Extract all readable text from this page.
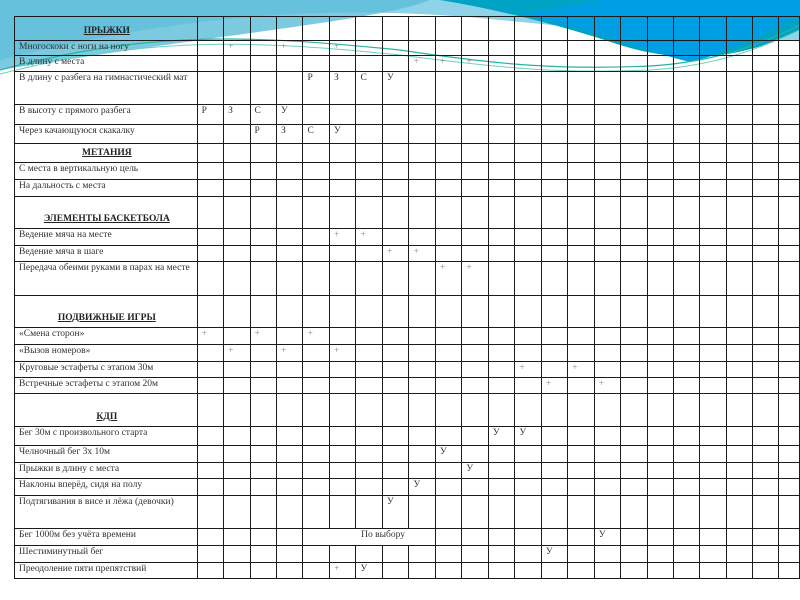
ПРЫЖКИ																							
Многоскоки с ноги на ногу		+		+		+																	
В длину с места									+	+	+												
В длину с разбега на гимнастический мат					Р	З	С	У															
В высоту с прямого разбега	Р	З	С	У																			
Через качающуюся скакалку			Р	З	С	У																	
МЕТАНИЯ																							
С места в вертикальную цель																							
На дальность с места																							
ЭЛЕМЕНТЫ БАСКЕТБОЛА																							
Ведение мяча на месте						+	+																
Ведение мяча в шаге								+	+														
Передача обеими руками в парах на месте										+	+												
ПОДВИЖНЫЕ ИГРЫ																							
«Смена сторон»	+		+		+																		
«Вызов номеров»		+		+		+																	
Круговые эстафеты с этапом 30м													+		+								
Встречные эстафеты с этапом 20м														+		+							
КДП																							
Бег 30м с произвольного старта												У	У										
Челночный бег 3х 10м										У													
Прыжки в длину с места											У												
Наклоны вперёд, сидя на полу									У														
Подтягивания в висе и лёжа (девочки)								У															
Бег 1000м без учёта времени					По выбору											У							
Шестиминутный бег														У									
Преодоление пяти препятствий						+	У																
